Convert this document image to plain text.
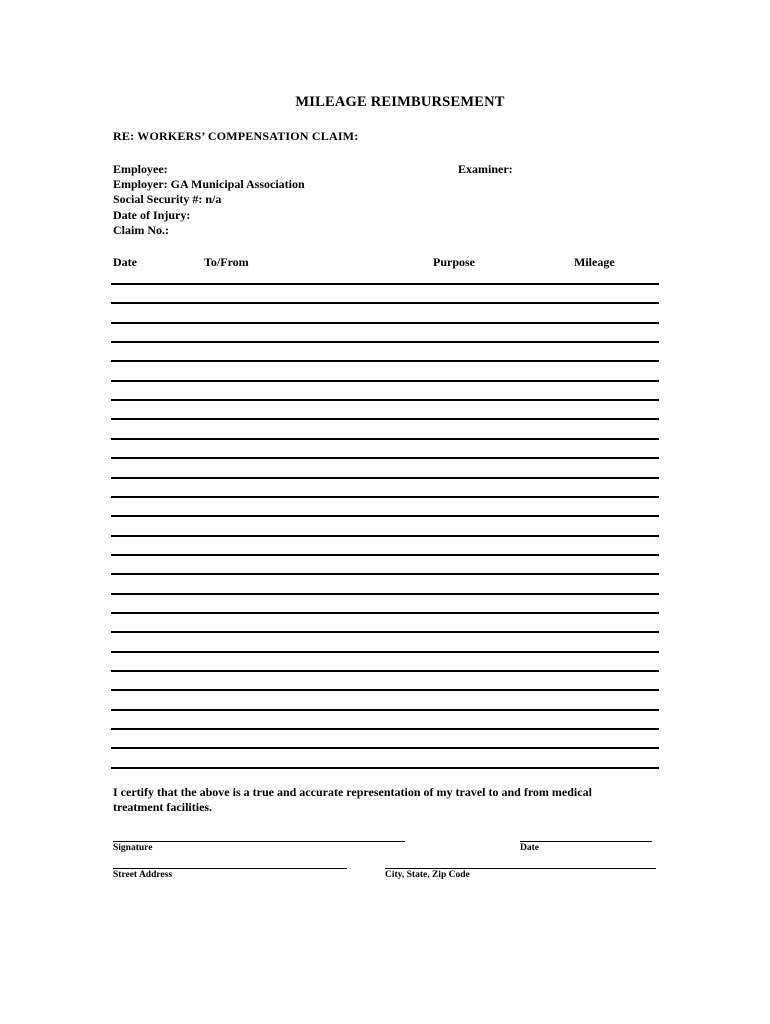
MILEAGE REIMBURSEMENT
RE: WORKERS’ COMPENSATION CLAIM:
Employee:
Employer: GA Municipal Association
Social Security #: n/a
Date of Injury:
Claim No.:
Examiner:
Date	To/From	Purpose	Mileage
I certify that the above is a true and accurate representation of my travel to and from medical treatment facilities.
Signature	Date
Street Address	City, State, Zip Code
